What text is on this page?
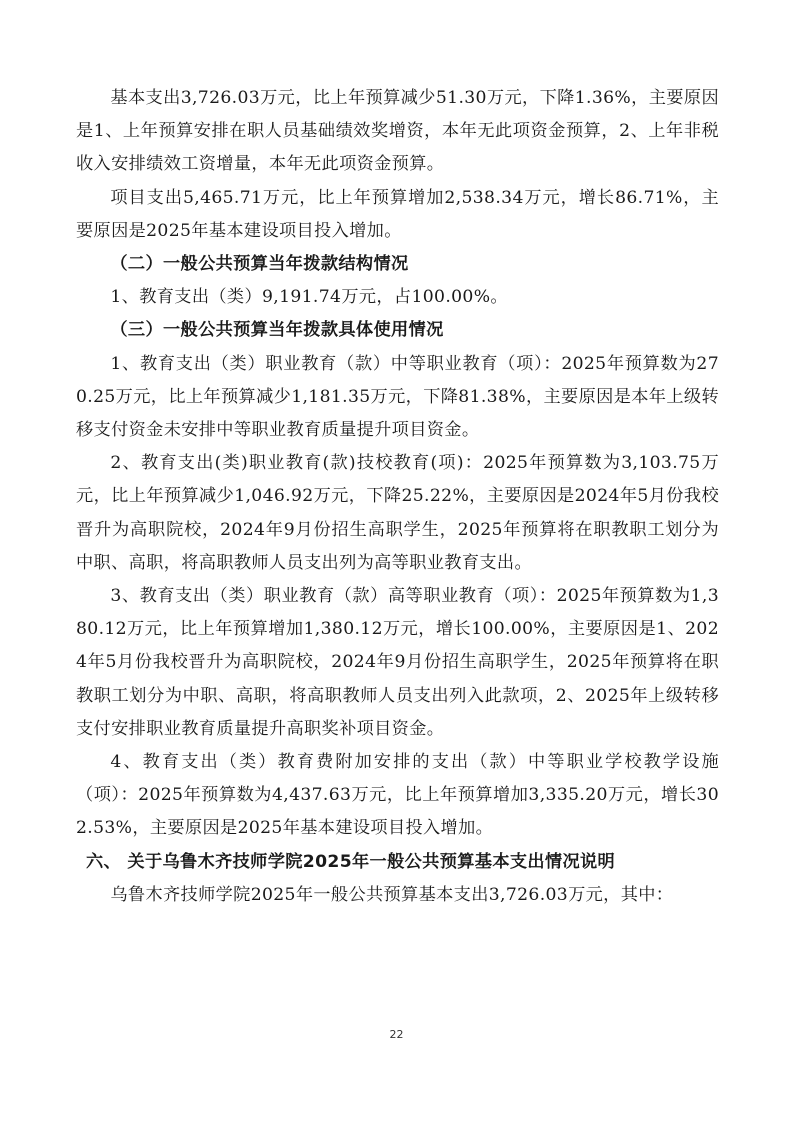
基本支出3,726.03万元，比上年预算减少51.30万元，下降1.36%，主要原因是1、上年预算安排在职人员基础绩效奖增资，本年无此项资金预算，2、上年非税收入安排绩效工资增量，本年无此项资金预算。

项目支出5,465.71万元，比上年预算增加2,538.34万元，增长86.71%，主要原因是2025年基本建设项目投入增加。

（二）一般公共预算当年拨款结构情况

1、教育支出（类）9,191.74万元，占100.00%。

（三）一般公共预算当年拨款具体使用情况

1、教育支出（类）职业教育（款）中等职业教育（项）：2025年预算数为270.25万元，比上年预算减少1,181.35万元，下降81.38%，主要原因是本年上级转移支付资金未安排中等职业教育质量提升项目资金。

2、教育支出(类)职业教育(款)技校教育(项)：2025年预算数为3,103.75万元，比上年预算减少1,046.92万元，下降25.22%，主要原因是2024年5月份我校晋升为高职院校，2024年9月份招生高职学生，2025年预算将在职教职工划分为中职、高职，将高职教师人员支出列为高等职业教育支出。

3、教育支出（类）职业教育（款）高等职业教育（项）：2025年预算数为1,380.12万元，比上年预算增加1,380.12万元，增长100.00%，主要原因是1、2024年5月份我校晋升为高职院校，2024年9月份招生高职学生，2025年预算将在职教职工划分为中职、高职，将高职教师人员支出列入此款项，2、2025年上级转移支付安排职业教育质量提升高职奖补项目资金。

4、教育支出（类）教育费附加安排的支出（款）中等职业学校教学设施（项）：2025年预算数为4,437.63万元，比上年预算增加3,335.20万元，增长302.53%，主要原因是2025年基本建设项目投入增加。

六、 关于乌鲁木齐技师学院2025年一般公共预算基本支出情况说明

乌鲁木齐技师学院2025年一般公共预算基本支出3,726.03万元，其中：

22
